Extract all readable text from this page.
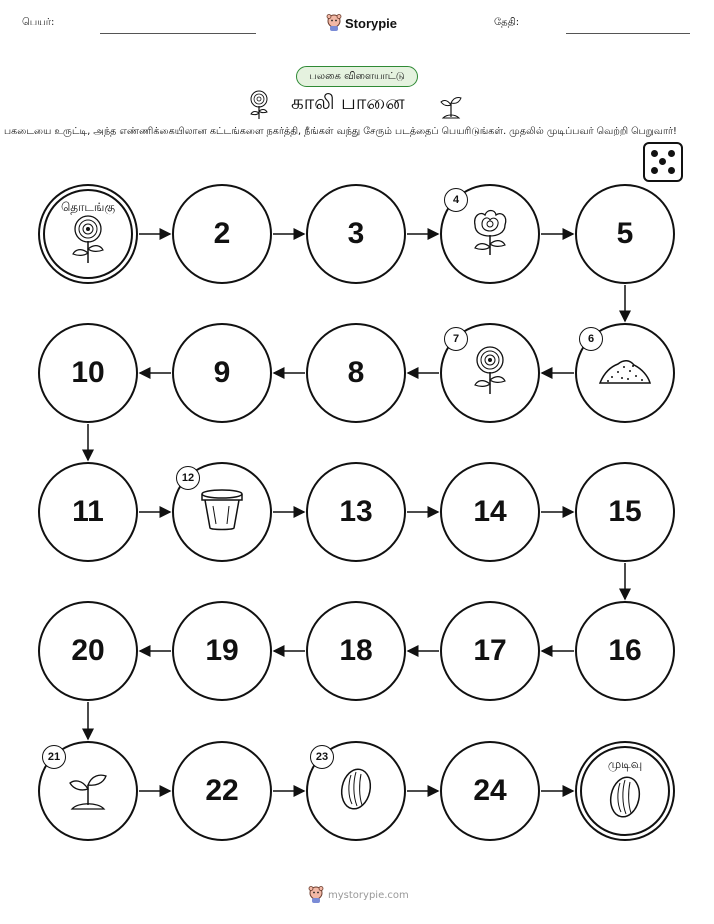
பெயர்:	Storypie	தேதி:
பலகை விளையாட்டு
காலி பானை
பகடையை உருட்டி, அந்த எண்ணிக்கையிலான கட்டங்களை நகர்த்தி, நீங்கள் வந்து சேரும் படத்தைப் பெயரிடுங்கள். முதலில் முடிப்பவர் வெற்றி பெறுவார்!
தொடங்கு
2	3
4
5
6
7
8
9
10
11
12
13	14	15
16
17
18
19
20
21
22
23
24
முடிவு
mystorypie.com
